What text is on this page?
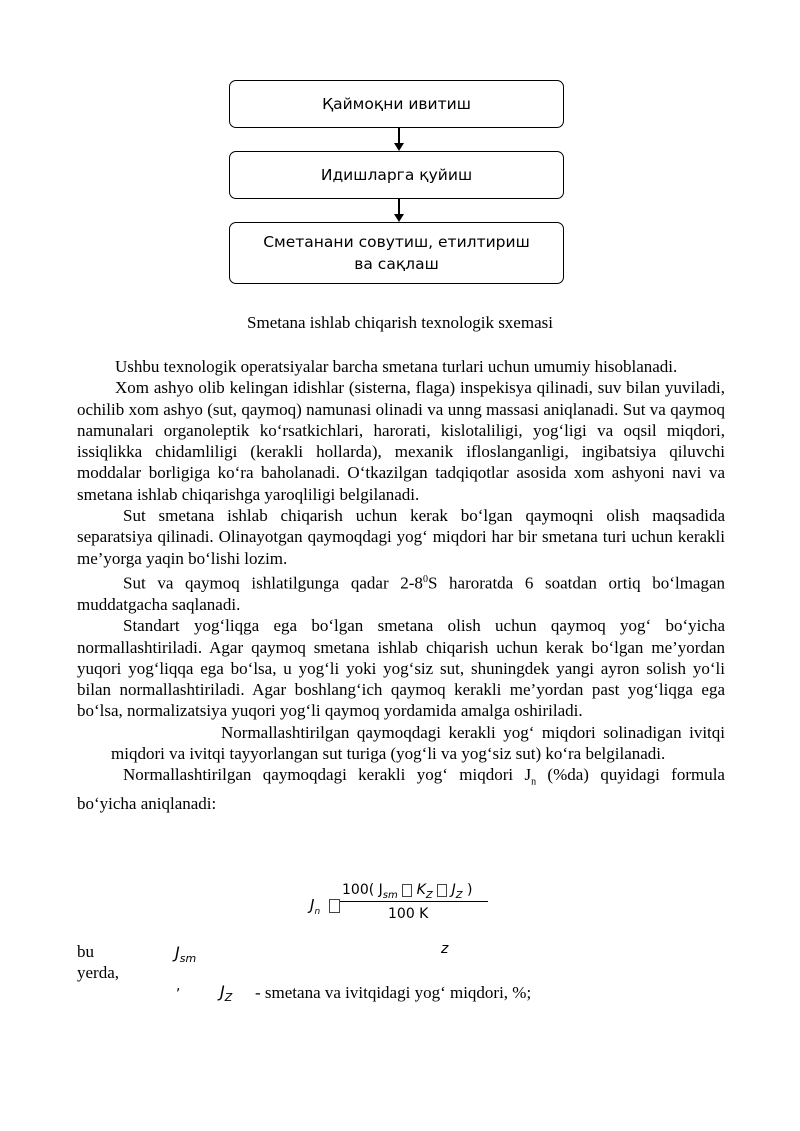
Қаймоқни ивитиш
Идишларга қуйиш
Сметанани совутиш, етилтириш ва сақлаш
Smetana ishlab chiqarish texnologik sxemasi

Ushbu texnologik operatsiyalar barcha smetana turlari uchun umumiy hisoblanadi.

Xom ashyo olib kelingan idishlar (sisterna, flaga) inspekisya qilinadi, suv bilan yuviladi, ochilib xom ashyo (sut, qaymoq) namunasi olinadi va unng massasi aniqlanadi. Sut va qaymoq namunalari organoleptik ko‘rsatkichlari, harorati, kislotaliligi, yog‘ligi va oqsil miqdori, issiqlikka chidamliligi (kerakli hollarda), mexanik ifloslanganligi, ingibatsiya qiluvchi moddalar borligiga ko‘ra baholanadi. O‘tkazilgan tadqiqotlar asosida xom ashyoni navi va smetana ishlab chiqarishga yaroqliligi belgilanadi.

Sut smetana ishlab chiqarish uchun kerak bo‘lgan qaymoqni olish maqsadida separatsiya qilinadi. Olinayotgan qaymoqdagi yog‘ miqdori har bir smetana turi uchun kerakli me’yorga yaqin bo‘lishi lozim.

Sut va qaymoq ishlatilgunga qadar $2-8^0S$ haroratda 6 soatdan ortiq bo‘lmagan muddatgacha saqlanadi.

Standart yog‘liqga ega bo‘lgan smetana olish uchun qaymoq yog‘ bo‘yicha normallashtiriladi. Agar qaymoq smetana ishlab chiqarish uchun kerak bo‘lgan me’yordan yuqori yog‘liqqa ega bo‘lsa, u yog‘li yoki yog‘siz sut, shuningdek yangi ayron solish yo‘li bilan normallashtiriladi. Agar boshlang‘ich qaymoq kerakli me’yordan past yog‘liqga ega bo‘lsa, normalizatsiya yuqori yog‘li qaymoq yordamida amalga oshiriladi.

Normallashtirilgan qaymoqdagi kerakli yog‘ miqdori solinadigan ivitqi miqdori va ivitqi tayyorlangan sut turiga (yog‘li va yog‘siz sut) ko‘ra belgilanadi.

Normallashtirilgan qaymoqdagi kerakli yog‘ miqdori $J_n$ (%da) quyidagi formula bo‘yicha aniqlanadi:

$J_n$
100( $J_{sm}$  $K_Z$  $J_Z$ )
100 K
bu
yerda,
$J_{sm}$
z
, $J_Z$ - smetana va ivitqidagi yog‘ miqdori, %;
